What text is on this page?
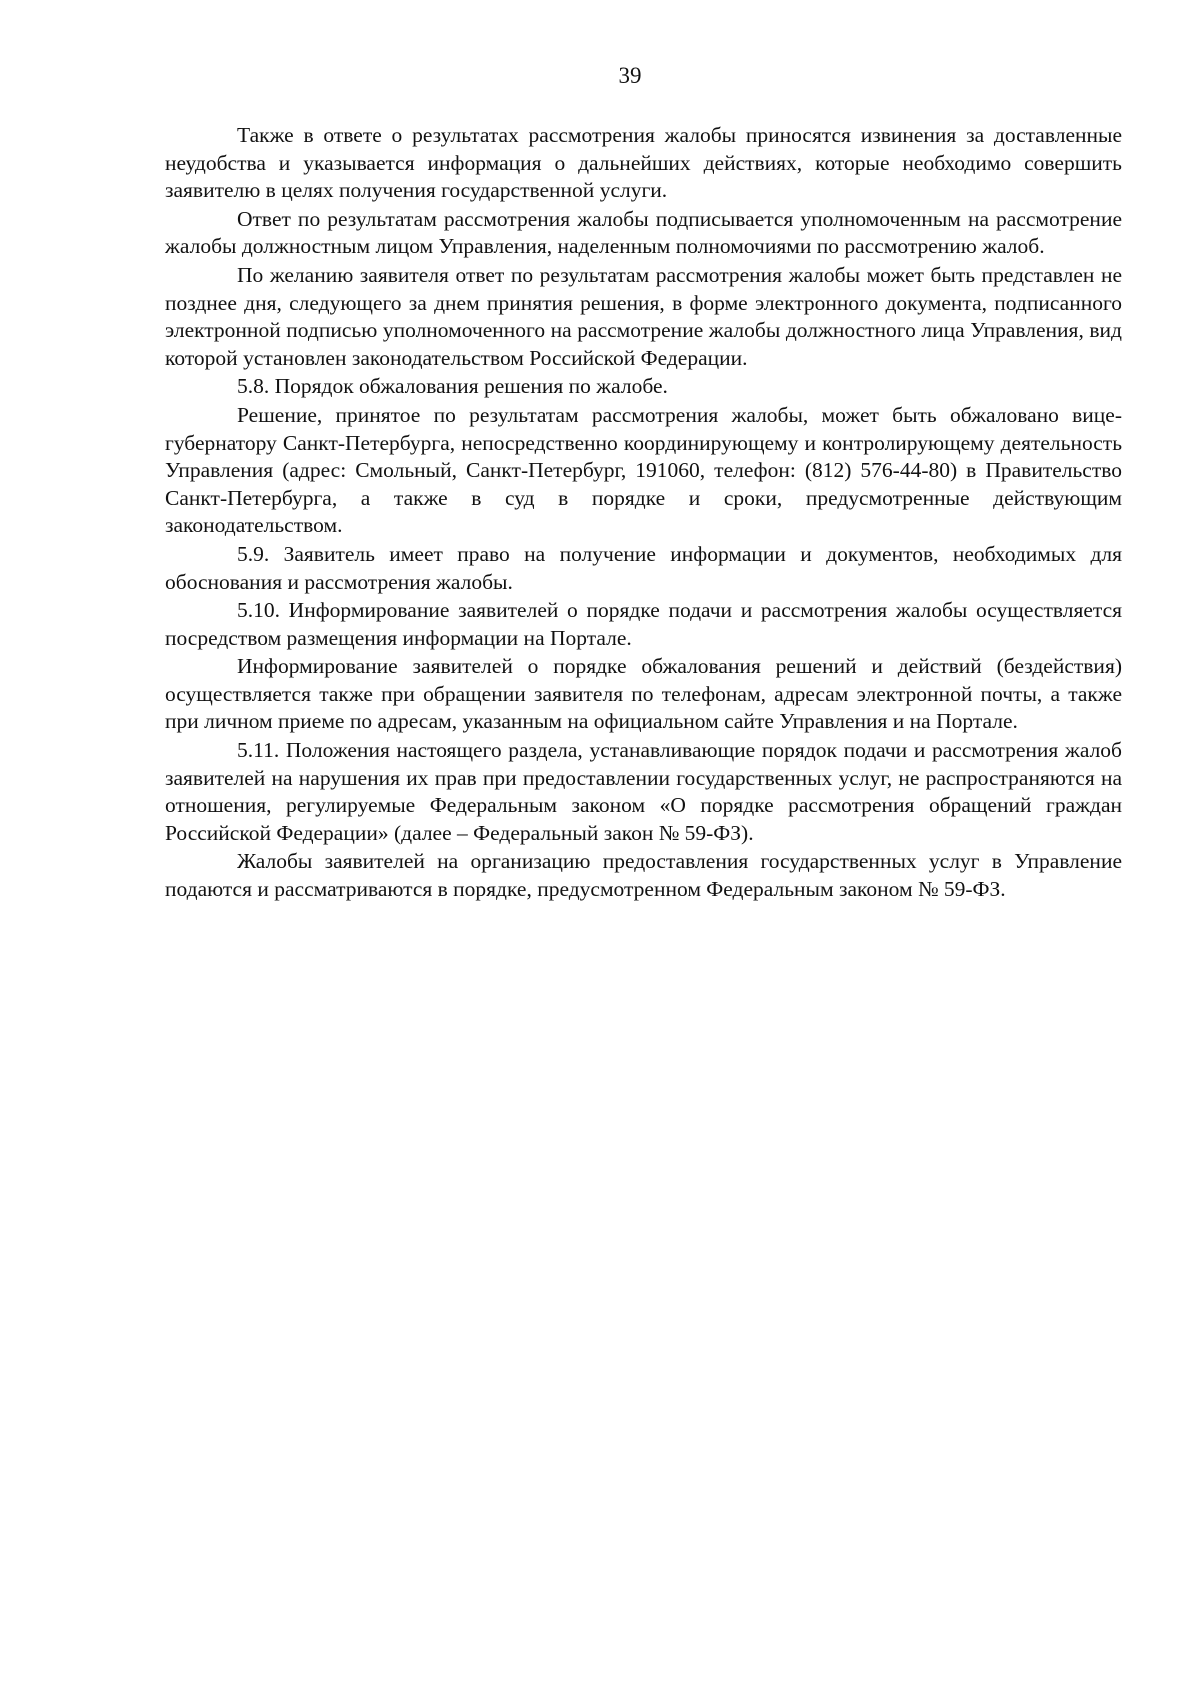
39

Также в ответе о результатах рассмотрения жалобы приносятся извинения за доставленные неудобства и указывается информация о дальнейших действиях, которые необходимо совершить заявителю в целях получения государственной услуги.

Ответ по результатам рассмотрения жалобы подписывается уполномоченным на рассмотрение жалобы должностным лицом Управления, наделенным полномочиями по рассмотрению жалоб.

По желанию заявителя ответ по результатам рассмотрения жалобы может быть представлен не позднее дня, следующего за днем принятия решения, в форме электронного документа, подписанного электронной подписью уполномоченного на рассмотрение жалобы должностного лица Управления, вид которой установлен законодательством Российской Федерации.

5.8. Порядок обжалования решения по жалобе.

Решение, принятое по результатам рассмотрения жалобы, может быть обжаловано вице-губернатору Санкт-Петербурга, непосредственно координирующему и контролирующему деятельность Управления (адрес: Смольный, Санкт-Петербург, 191060, телефон: (812) 576-44-80) в Правительство Санкт-Петербурга, а также в суд в порядке и сроки, предусмотренные действующим законодательством.

5.9. Заявитель имеет право на получение информации и документов, необходимых для обоснования и рассмотрения жалобы.

5.10. Информирование заявителей о порядке подачи и рассмотрения жалобы осуществляется посредством размещения информации на Портале.

Информирование заявителей о порядке обжалования решений и действий (бездействия) осуществляется также при обращении заявителя по телефонам, адресам электронной почты, а также при личном приеме по адресам, указанным на официальном сайте Управления и на Портале.

5.11. Положения настоящего раздела, устанавливающие порядок подачи и рассмотрения жалоб заявителей на нарушения их прав при предоставлении государственных услуг, не распространяются на отношения, регулируемые Федеральным законом «О порядке рассмотрения обращений граждан Российской Федерации» (далее – Федеральный закон № 59-ФЗ).

Жалобы заявителей на организацию предоставления государственных услуг в Управление подаются и рассматриваются в порядке, предусмотренном Федеральным законом № 59-ФЗ.
